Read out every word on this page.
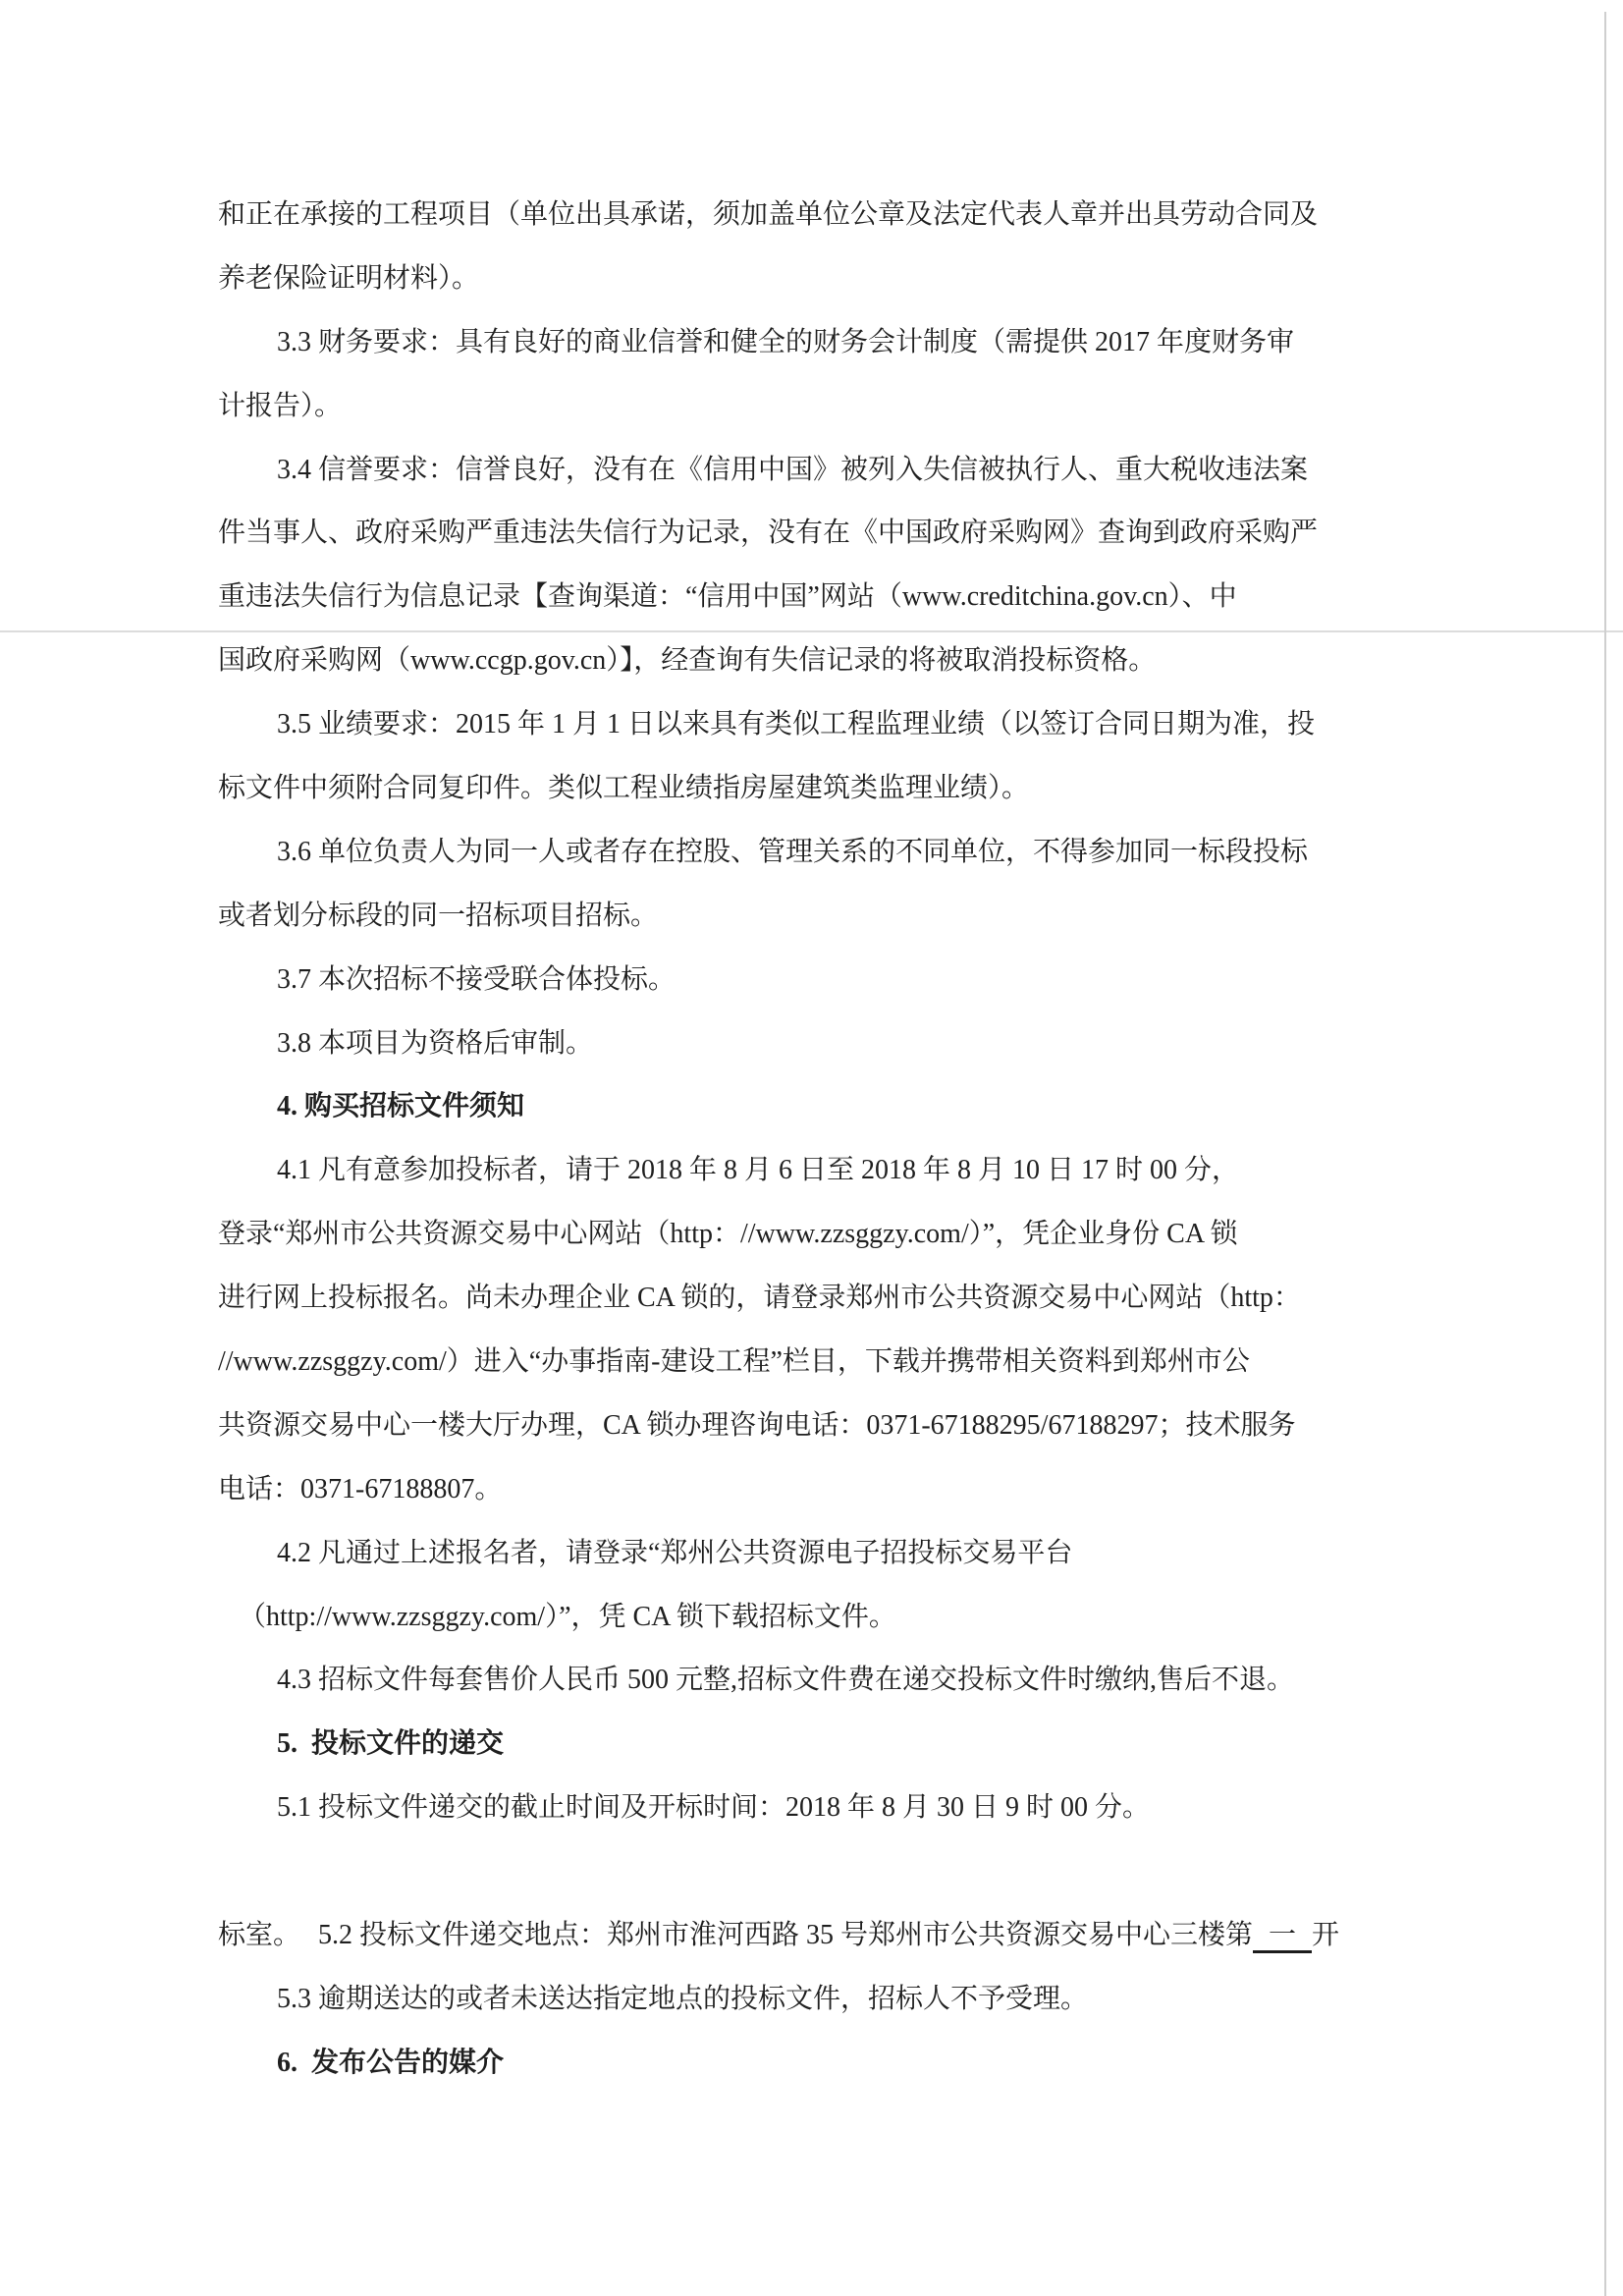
和正在承接的工程项目（单位出具承诺，须加盖单位公章及法定代表人章并出具劳动合同及
养老保险证明材料）。
3.3 财务要求：具有良好的商业信誉和健全的财务会计制度（需提供 2017 年度财务审
计报告）。
3.4 信誉要求：信誉良好，没有在《信用中国》被列入失信被执行人、重大税收违法案
件当事人、政府采购严重违法失信行为记录，没有在《中国政府采购网》查询到政府采购严
重违法失信行为信息记录【查询渠道：“信用中国”网站（www.creditchina.gov.cn）、中
国政府采购网（www.ccgp.gov.cn）】，经查询有失信记录的将被取消投标资格。
3.5 业绩要求：2015 年 1 月 1 日以来具有类似工程监理业绩（以签订合同日期为准，投
标文件中须附合同复印件。类似工程业绩指房屋建筑类监理业绩）。
3.6 单位负责人为同一人或者存在控股、管理关系的不同单位，不得参加同一标段投标
或者划分标段的同一招标项目招标。
3.7 本次招标不接受联合体投标。
3.8 本项目为资格后审制。
4. 购买招标文件须知
4.1 凡有意参加投标者，请于 2018 年 8 月 6 日至 2018 年 8 月 10 日 17 时 00 分，
登录“郑州市公共资源交易中心网站（http：//www.zzsggzy.com/）”，凭企业身份 CA 锁
进行网上投标报名。尚未办理企业 CA 锁的，请登录郑州市公共资源交易中心网站（http：
//www.zzsggzy.com/）进入“办事指南-建设工程”栏目，下载并携带相关资料到郑州市公
共资源交易中心一楼大厅办理，CA 锁办理咨询电话：0371-67188295/67188297；技术服务
电话：0371-67188807。
4.2 凡通过上述报名者，请登录“郑州公共资源电子招投标交易平台
（http://www.zzsggzy.com/）”，凭 CA 锁下载招标文件。
4.3 招标文件每套售价人民币 500 元整,招标文件费在递交投标文件时缴纳,售后不退。
5.  投标文件的递交
5.1 投标文件递交的截止时间及开标时间：2018 年 8 月 30 日 9 时 00 分。

5.2 投标文件递交地点：郑州市淮河西路 35 号郑州市公共资源交易中心三楼第 一 开

标室。
5.3 逾期送达的或者未送达指定地点的投标文件，招标人不予受理。
6.  发布公告的媒介
